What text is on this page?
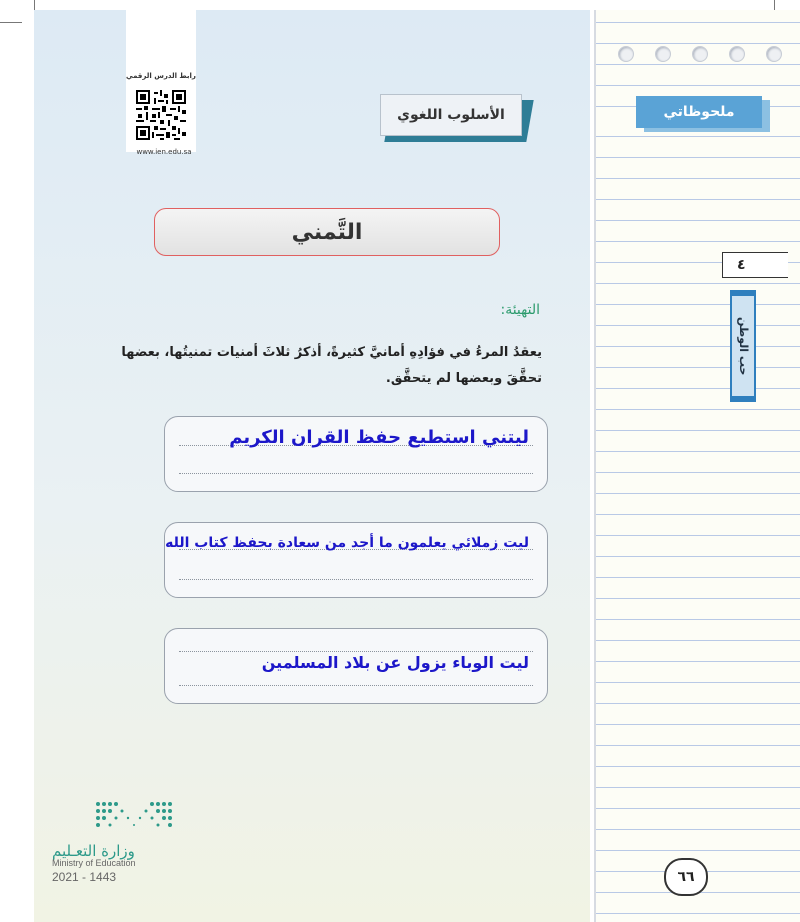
رابط الدرس الرقمي
www.ien.edu.sa
الأسلوب اللغوي
التَّمني
التهيئة:
يعقدُ المرءُ في فؤادِهِ أمانيَّ كثيرةً، أذكرُ ثلاثَ أمنيات تمنيتُها، بعضها تحقَّقَ وبعضها لم يتحقَّق.
ليتني استطيع حفظ القران الكريم
ليت زملائي يعلمون ما أجد من سعادة بحفظ كتاب الله
ليت الوباء يزول عن بلاد المسلمين
وزارة التعـليم
Ministry of Education
2021 - 1443
ملحوظاتي
٤
حب الوطن
٦٦
